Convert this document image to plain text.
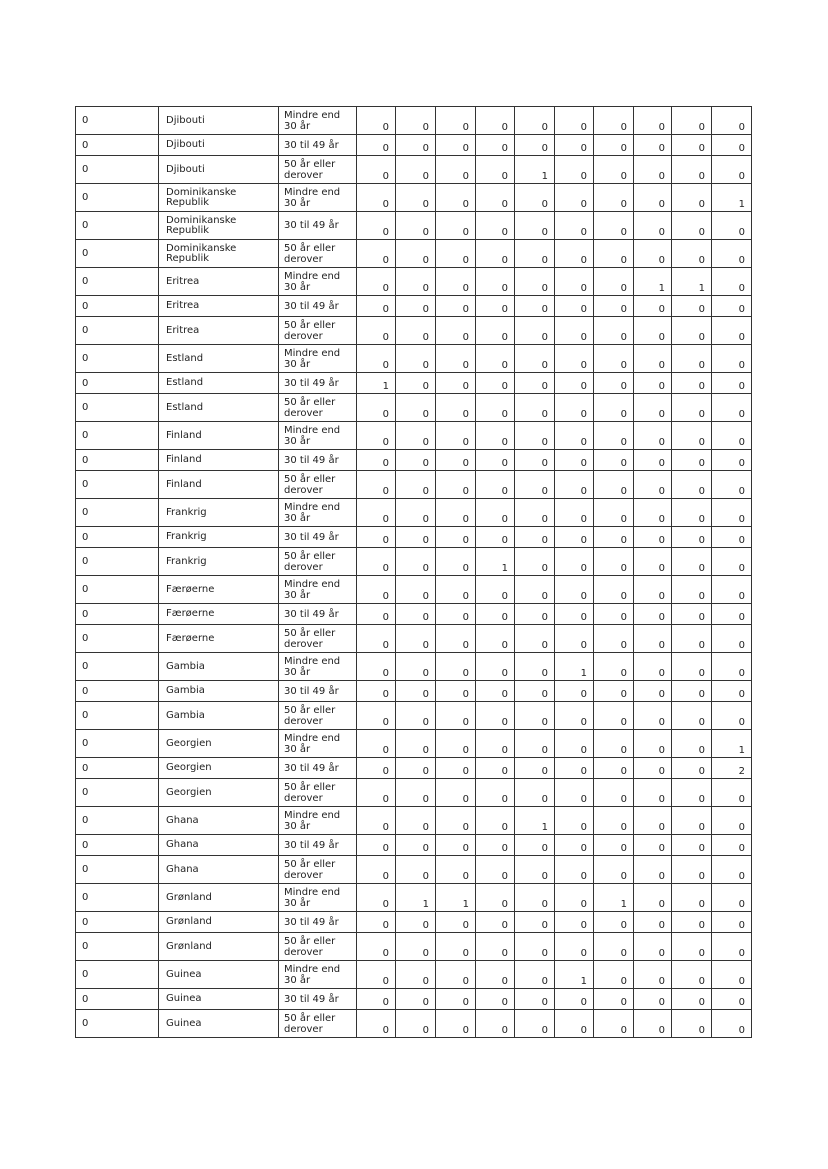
0	Djibouti	Mindre end 30 år	0	0	0	0	0	0	0	0	0	0
0	Djibouti	30 til 49 år	0	0	0	0	0	0	0	0	0	0
0	Djibouti	50 år eller derover	0	0	0	0	1	0	0	0	0	0
0	Dominikanske Republik	Mindre end 30 år	0	0	0	0	0	0	0	0	0	1
0	Dominikanske Republik	30 til 49 år	0	0	0	0	0	0	0	0	0	0
0	Dominikanske Republik	50 år eller derover	0	0	0	0	0	0	0	0	0	0
0	Eritrea	Mindre end 30 år	0	0	0	0	0	0	0	1	1	0
0	Eritrea	30 til 49 år	0	0	0	0	0	0	0	0	0	0
0	Eritrea	50 år eller derover	0	0	0	0	0	0	0	0	0	0
0	Estland	Mindre end 30 år	0	0	0	0	0	0	0	0	0	0
0	Estland	30 til 49 år	1	0	0	0	0	0	0	0	0	0
0	Estland	50 år eller derover	0	0	0	0	0	0	0	0	0	0
0	Finland	Mindre end 30 år	0	0	0	0	0	0	0	0	0	0
0	Finland	30 til 49 år	0	0	0	0	0	0	0	0	0	0
0	Finland	50 år eller derover	0	0	0	0	0	0	0	0	0	0
0	Frankrig	Mindre end 30 år	0	0	0	0	0	0	0	0	0	0
0	Frankrig	30 til 49 år	0	0	0	0	0	0	0	0	0	0
0	Frankrig	50 år eller derover	0	0	0	1	0	0	0	0	0	0
0	Færøerne	Mindre end 30 år	0	0	0	0	0	0	0	0	0	0
0	Færøerne	30 til 49 år	0	0	0	0	0	0	0	0	0	0
0	Færøerne	50 år eller derover	0	0	0	0	0	0	0	0	0	0
0	Gambia	Mindre end 30 år	0	0	0	0	0	1	0	0	0	0
0	Gambia	30 til 49 år	0	0	0	0	0	0	0	0	0	0
0	Gambia	50 år eller derover	0	0	0	0	0	0	0	0	0	0
0	Georgien	Mindre end 30 år	0	0	0	0	0	0	0	0	0	1
0	Georgien	30 til 49 år	0	0	0	0	0	0	0	0	0	2
0	Georgien	50 år eller derover	0	0	0	0	0	0	0	0	0	0
0	Ghana	Mindre end 30 år	0	0	0	0	1	0	0	0	0	0
0	Ghana	30 til 49 år	0	0	0	0	0	0	0	0	0	0
0	Ghana	50 år eller derover	0	0	0	0	0	0	0	0	0	0
0	Grønland	Mindre end 30 år	0	1	1	0	0	0	1	0	0	0
0	Grønland	30 til 49 år	0	0	0	0	0	0	0	0	0	0
0	Grønland	50 år eller derover	0	0	0	0	0	0	0	0	0	0
0	Guinea	Mindre end 30 år	0	0	0	0	0	1	0	0	0	0
0	Guinea	30 til 49 år	0	0	0	0	0	0	0	0	0	0
0	Guinea	50 år eller derover	0	0	0	0	0	0	0	0	0	0
